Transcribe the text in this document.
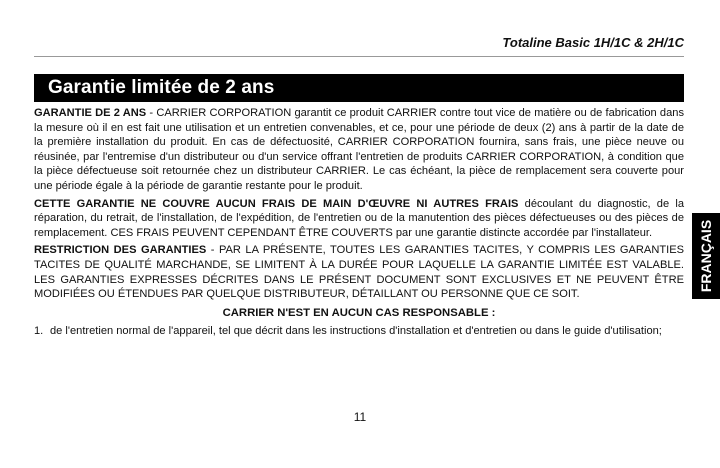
Totaline Basic 1H/1C & 2H/1C
Garantie limitée de 2 ans

GARANTIE DE 2 ANS - CARRIER CORPORATION garantit ce produit CARRIER contre tout vice de matière ou de fabrication dans la mesure où il en est fait une utilisation et un entretien convenables, et ce, pour une période de deux (2) ans à partir de la date de la première installation du produit. En cas de défectuosité, CARRIER CORPORATION fournira, sans frais, une pièce neuve ou réusinée, par l'entremise d'un distributeur ou d'un service offrant l'entretien de produits CARRIER CORPORATION, à condition que la pièce défectueuse soit retournée chez un distributeur CARRIER. Le cas échéant, la pièce de remplacement sera couverte pour une période égale à la période de garantie restante pour le produit.

CETTE GARANTIE NE COUVRE AUCUN FRAIS DE MAIN D'ŒUVRE NI AUTRES FRAIS découlant du diagnostic, de la réparation, du retrait, de l'installation, de l'expédition, de l'entretien ou de la manutention des pièces défectueuses ou des pièces de remplacement. CES FRAIS PEUVENT CEPENDANT ÊTRE COUVERTS par une garantie distincte accordée par l'installateur.

RESTRICTION DES GARANTIES - PAR LA PRÉSENTE, TOUTES LES GARANTIES TACITES, Y COMPRIS LES GARANTIES TACITES DE QUALITÉ MARCHANDE, SE LIMITENT À LA DURÉE POUR LAQUELLE LA GARANTIE LIMITÉE EST VALABLE. LES GARANTIES EXPRESSES DÉCRITES DANS LE PRÉSENT DOCUMENT SONT EXCLUSIVES ET NE PEUVENT ÊTRE MODIFIÉES OU ÉTENDUES PAR QUELQUE DISTRIBUTEUR, DÉTAILLANT OU PERSONNE QUE CE SOIT.

CARRIER N'EST EN AUCUN CAS RESPONSABLE :
1. de l'entretien normal de l'appareil, tel que décrit dans les instructions d'installation et d'entretien ou dans le guide d'utilisation;
FRANÇAIS
11
